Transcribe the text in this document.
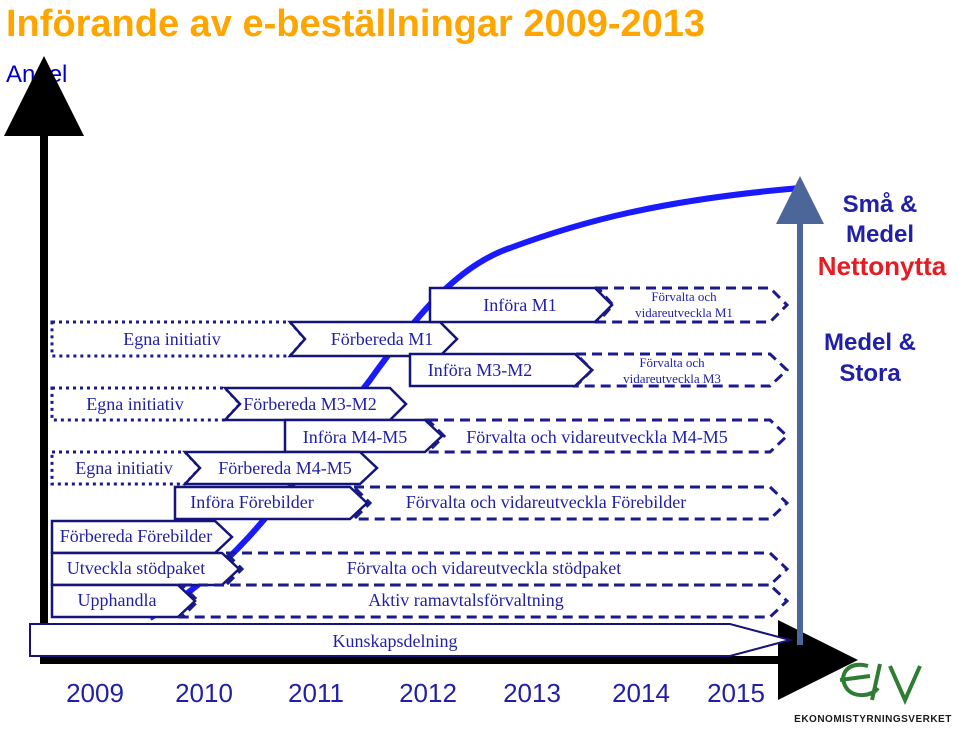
Införande av e-beställningar 2009-2013
Andel
Små &
Medel
Nettonytta
Medel &
Stora
Egna initiativ	Förbereda M1
Införa M1	Förvalta och
vidareutveckla M1
Införa M3-M2	Förvalta och
vidareutveckla M3
Egna initiativ	Förbereda M3-M2
Införa M4-M5	Förvalta och vidareutveckla M4-M5
Egna initiativ	Förbereda M4-M5
Införa Förebilder	Förvalta och vidareutveckla Förebilder
Förbereda Förebilder
Utveckla stödpaket	Förvalta och vidareutveckla stödpaket
Upphandla	Aktiv ramavtalsförvaltning
Kunskapsdelning
2009 2010 2011 2012 2013 2014 2015
EKONOMISTYRNINGSVERKET
